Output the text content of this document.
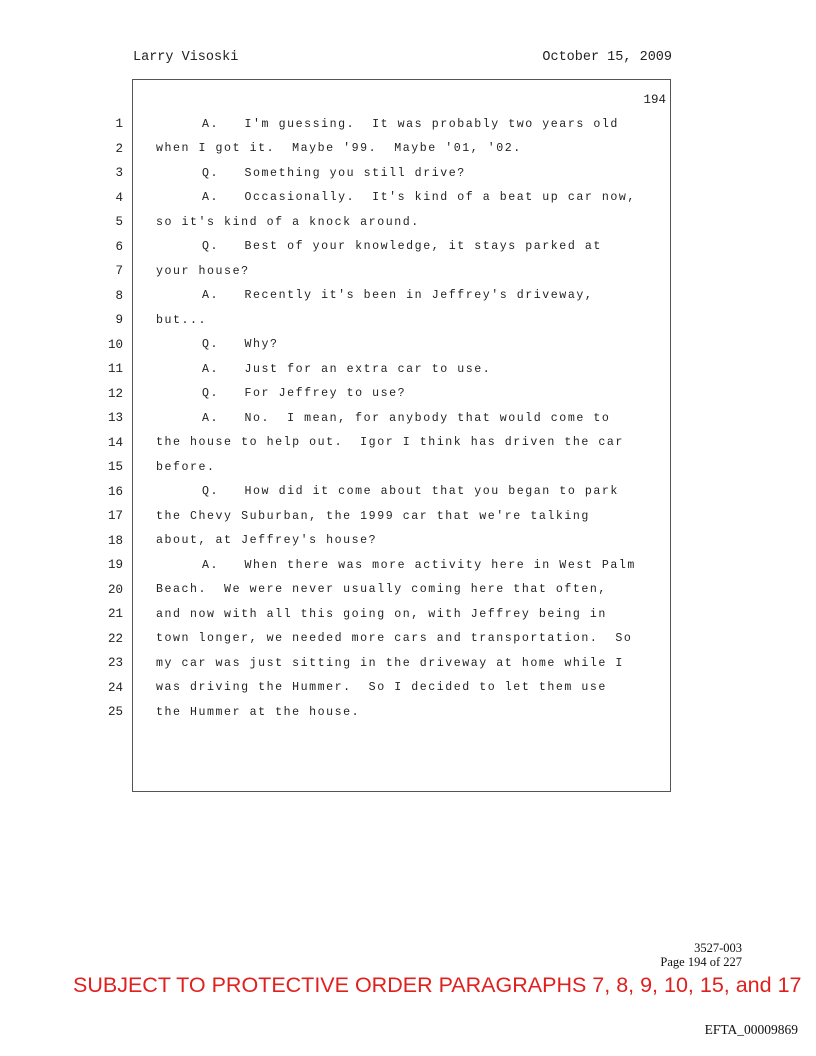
Larry Visoski	October 15, 2009
194
1	A.   I'm guessing.  It was probably two years old
2	when I got it.  Maybe '99.  Maybe '01, '02.
3	Q.   Something you still drive?
4	A.   Occasionally.  It's kind of a beat up car now,
5	so it's kind of a knock around.
6	Q.   Best of your knowledge, it stays parked at
7	your house?
8	A.   Recently it's been in Jeffrey's driveway,
9	but...
10	Q.   Why?
11	A.   Just for an extra car to use.
12	Q.   For Jeffrey to use?
13	A.   No.  I mean, for anybody that would come to
14	the house to help out.  Igor I think has driven the car
15	before.
16	Q.   How did it come about that you began to park
17	the Chevy Suburban, the 1999 car that we're talking
18	about, at Jeffrey's house?
19	A.   When there was more activity here in West Palm
20	Beach.  We were never usually coming here that often,
21	and now with all this going on, with Jeffrey being in
22	town longer, we needed more cars and transportation.  So
23	my car was just sitting in the driveway at home while I
24	was driving the Hummer.  So I decided to let them use
25	the Hummer at the house.
3527-003
Page 194 of 227
SUBJECT TO PROTECTIVE ORDER PARAGRAPHS 7, 8, 9, 10, 15, and 17
EFTA_00009869
